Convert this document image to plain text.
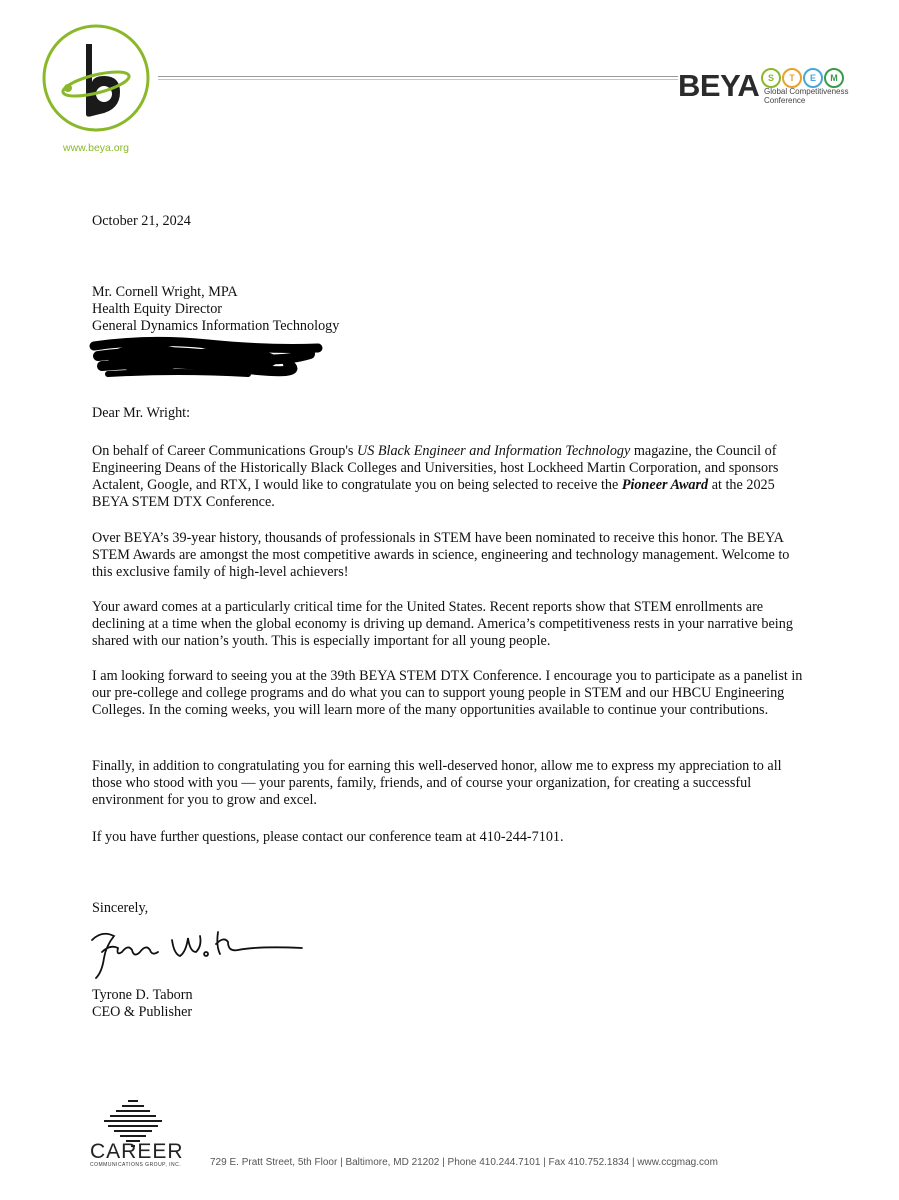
www.beya.org
BEYA S	T	E	M
Global Competitiveness
Conference
October 21, 2024
Mr. Cornell Wright, MPA
Health Equity Director
General Dynamics Information Technology
Dear Mr. Wright:

On behalf of Career Communications Group's US Black Engineer and Information Technology magazine, the Council of Engineering Deans of the Historically Black Colleges and Universities, host Lockheed Martin Corporation, and sponsors Actalent, Google, and RTX, I would like to congratulate you on being selected to receive the Pioneer Award at the 2025 BEYA STEM DTX Conference.

Over BEYA’s 39-year history, thousands of professionals in STEM have been nominated to receive this honor. The BEYA STEM Awards are amongst the most competitive awards in science, engineering and technology management. Welcome to this exclusive family of high-level achievers!

Your award comes at a particularly critical time for the United States. Recent reports show that STEM enrollments are declining at a time when the global economy is driving up demand. America’s competitiveness rests in your narrative being shared with our nation’s youth. This is especially important for all young people.

I am looking forward to seeing you at the 39th BEYA STEM DTX Conference. I encourage you to participate as a panelist in our pre-college and college programs and do what you can to support young people in STEM and our HBCU Engineering Colleges. In the coming weeks, you will learn more of the many opportunities available to continue your contributions.

Finally, in addition to congratulating you for earning this well-deserved honor, allow me to express my appreciation to all those who stood with you — your parents, family, friends, and of course your organization, for creating a successful environment for you to grow and excel.

If you have further questions, please contact our conference team at 410-244-7101.

Sincerely,
Tyrone D. Taborn
CEO & Publisher
CAREER
COMMUNICATIONS GROUP, INC.	729 E. Pratt Street, 5th Floor | Baltimore, MD 21202 | Phone 410.244.7101 | Fax 410.752.1834 | www.ccgmag.com
